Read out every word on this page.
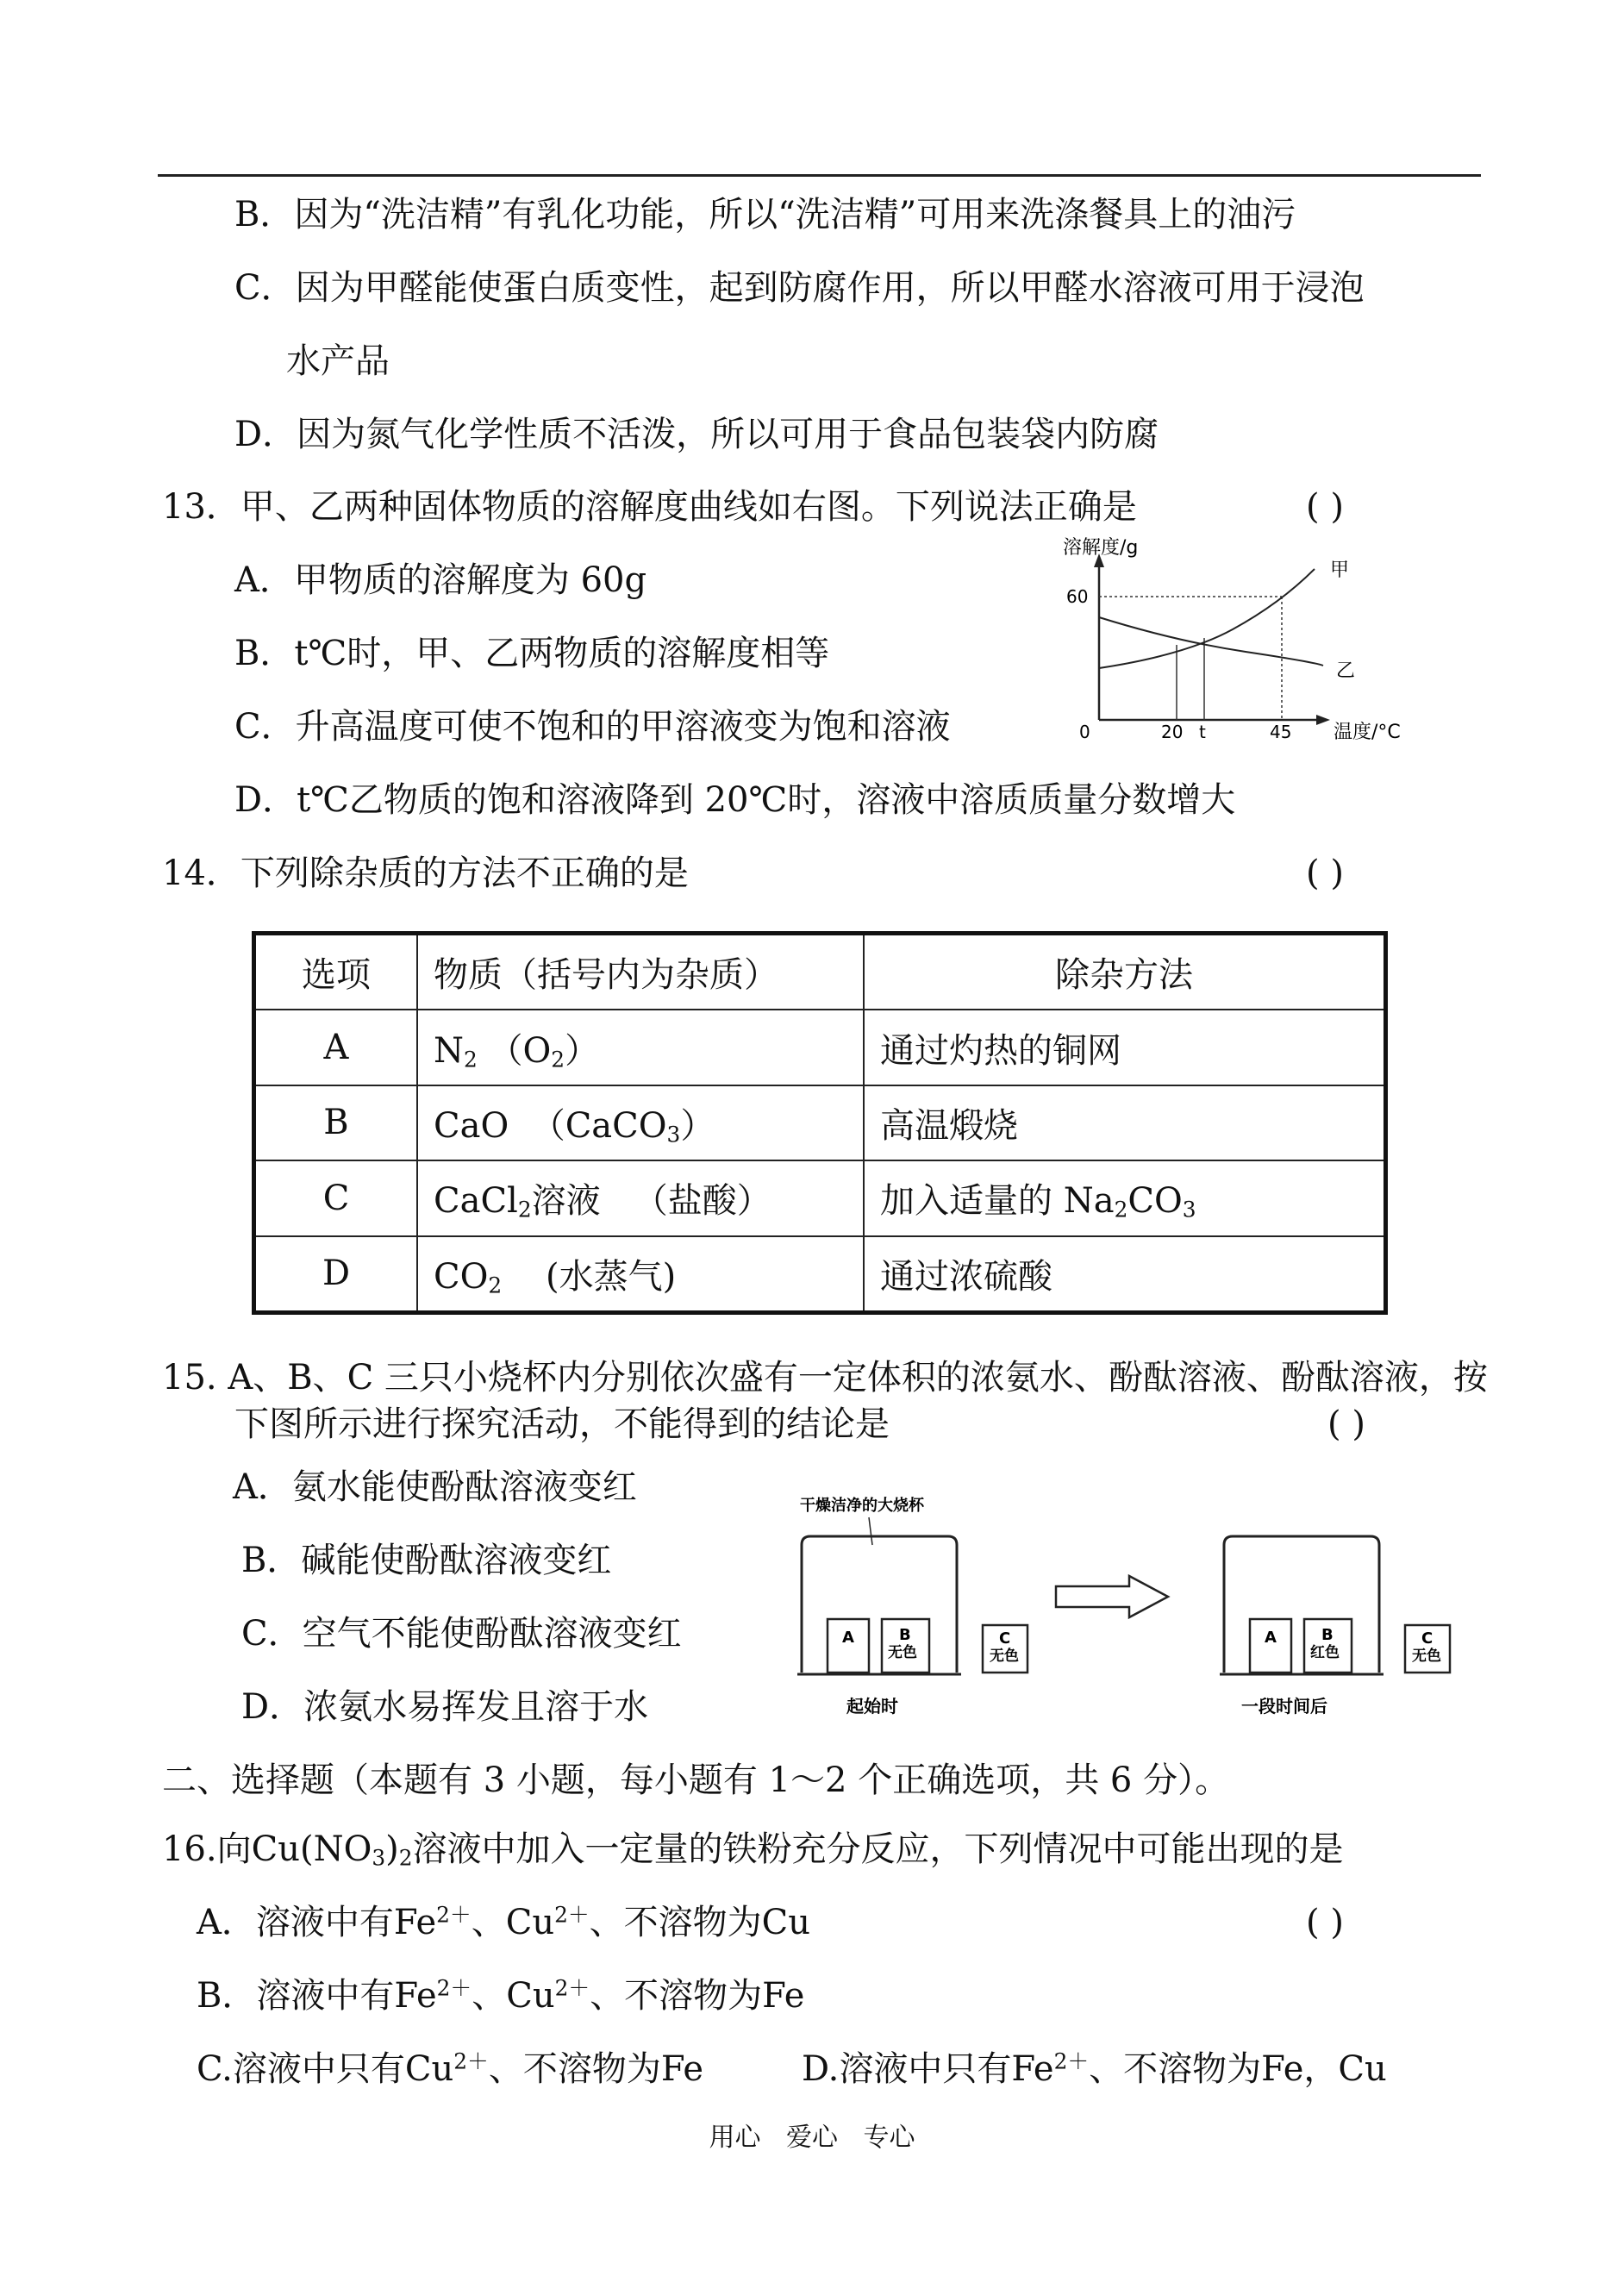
B．因为“洗洁精”有乳化功能，所以“洗洁精”可用来洗涤餐具上的油污
C．因为甲醛能使蛋白质变性，起到防腐作用，所以甲醛水溶液可用于浸泡
水产品
D．因为氮气化学性质不活泼，所以可用于食品包装袋内防腐
13．甲、乙两种固体物质的溶解度曲线如右图。下列说法正确是	( )
A．甲物质的溶解度为 60g
B．t℃时，甲、乙两物质的溶解度相等
C．升高温度可使不饱和的甲溶液变为饱和溶液
D．t℃乙物质的饱和溶液降到 20℃时，溶液中溶质质量分数增大
溶解度/g
温度/°C
60
0	20 t	45
甲
乙
14．下列除杂质的方法不正确的是	( )
选项	物质（括号内为杂质）	除杂方法
A	$N_2$ $(O_2)$	通过灼热的铜网
B	CaO （CaCO$_3$）	高温煅烧
C	CaCl$_2$溶液 （盐酸）	加入适量的 $Na_2CO_3$
D	$CO_2$ (水蒸气)	通过浓硫酸
15. A、B、C 三只小烧杯内分别依次盛有一定体积的浓氨水、酚酞溶液、酚酞溶液，按
下图所示进行探究活动，不能得到的结论是	( )
A．氨水能使酚酞溶液变红
B．碱能使酚酞溶液变红
C．空气不能使酚酞溶液变红
D．浓氨水易挥发且溶于水
干燥洁净的大烧杯
A	B
无色
C
无色
起始时
A	B
红色
C
无色
一段时间后
二、选择题（本题有 3 小题，每小题有 1～2 个正确选项，共 6 分）。
16.向$Cu(NO_3)_2$溶液中加入一定量的铁粉充分反应，下列情况中可能出现的是
A．溶液中有$Fe^{2+}$、$Cu^{2+}$、不溶物为Cu	( )
B．溶液中有$Fe^{2+}$、$Cu^{2+}$、不溶物为Fe
C.溶液中只有$Cu^{2+}$、不溶物为Fe	D.溶液中只有$Fe^{2+}$、不溶物为Fe，Cu
用心 爱心 专心
